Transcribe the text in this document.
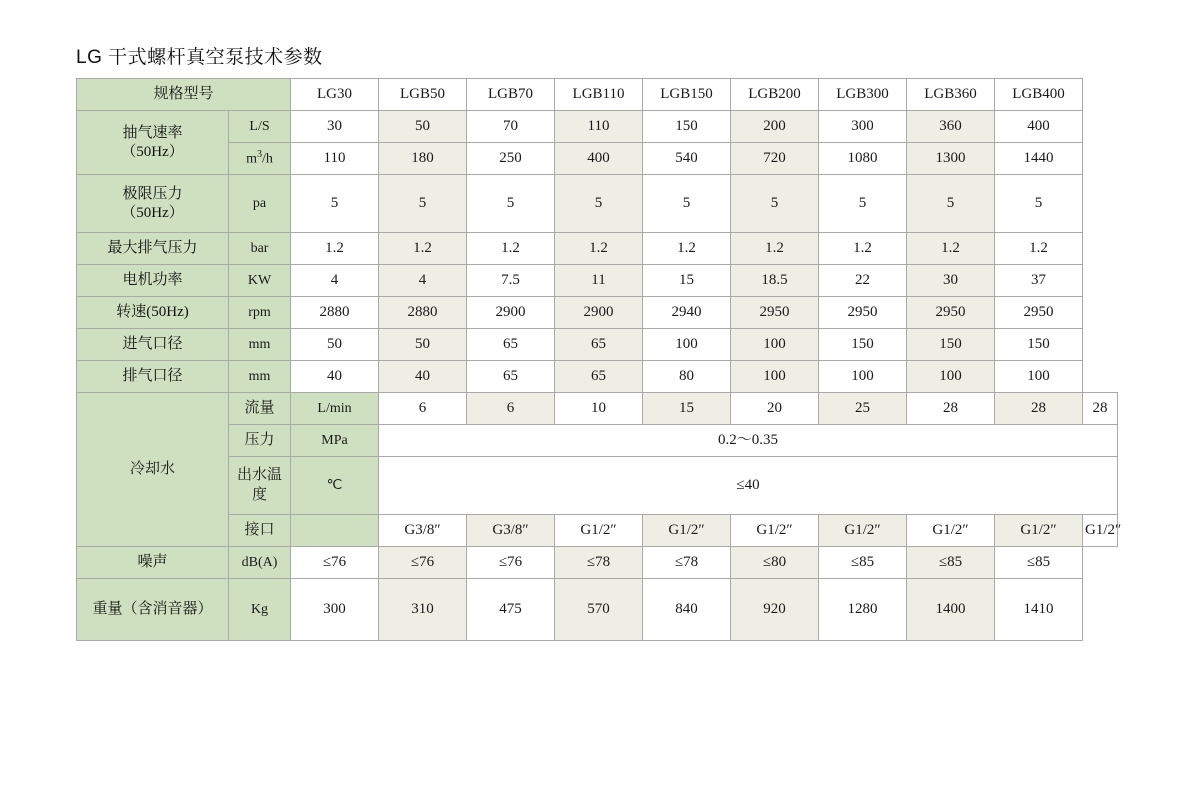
LG 干式螺杆真空泵技术参数
规格型号		LG30	LGB50	LGB70	LGB110	LGB150	LGB200	LGB300	LGB360	LGB400	

抽气速率
（50Hz）	L/S	30	50	70	110	150	200	300	360	400	
	$m^3/h$	110	180	250	400	540	720	1080	1300	1440	

极限压力
（50Hz）	pa	5	5	5	5	5	5	5	5	5	
最大排气压力	bar	1.2	1.2	1.2	1.2	1.2	1.2	1.2	1.2	1.2	
电机功率	KW	4	4	7.5	11	15	18.5	22	30	37	
转速(50Hz)	rpm	2880	2880	2900	2900	2940	2950	2950	2950	2950	
进气口径	mm	50	50	65	65	100	100	150	150	150	
排气口径	mm	40	40	65	65	80	100	100	100	100	
冷却水	流量	L/min	6	6	10	15	20	25	28	28	28
	压力	MPa	0.2～0.35								
	出水温度	℃	≤40								
	接口		G3/8″	G3/8″	G1/2″	G1/2″	G1/2″	G1/2″	G1/2″	G1/2″	G1/2″
噪声	dB(A)	≤76	≤76	≤76	≤78	≤78	≤80	≤85	≤85	≤85	
重量（含消音器）	Kg	300	310	475	570	840	920	1280	1400	1410	
